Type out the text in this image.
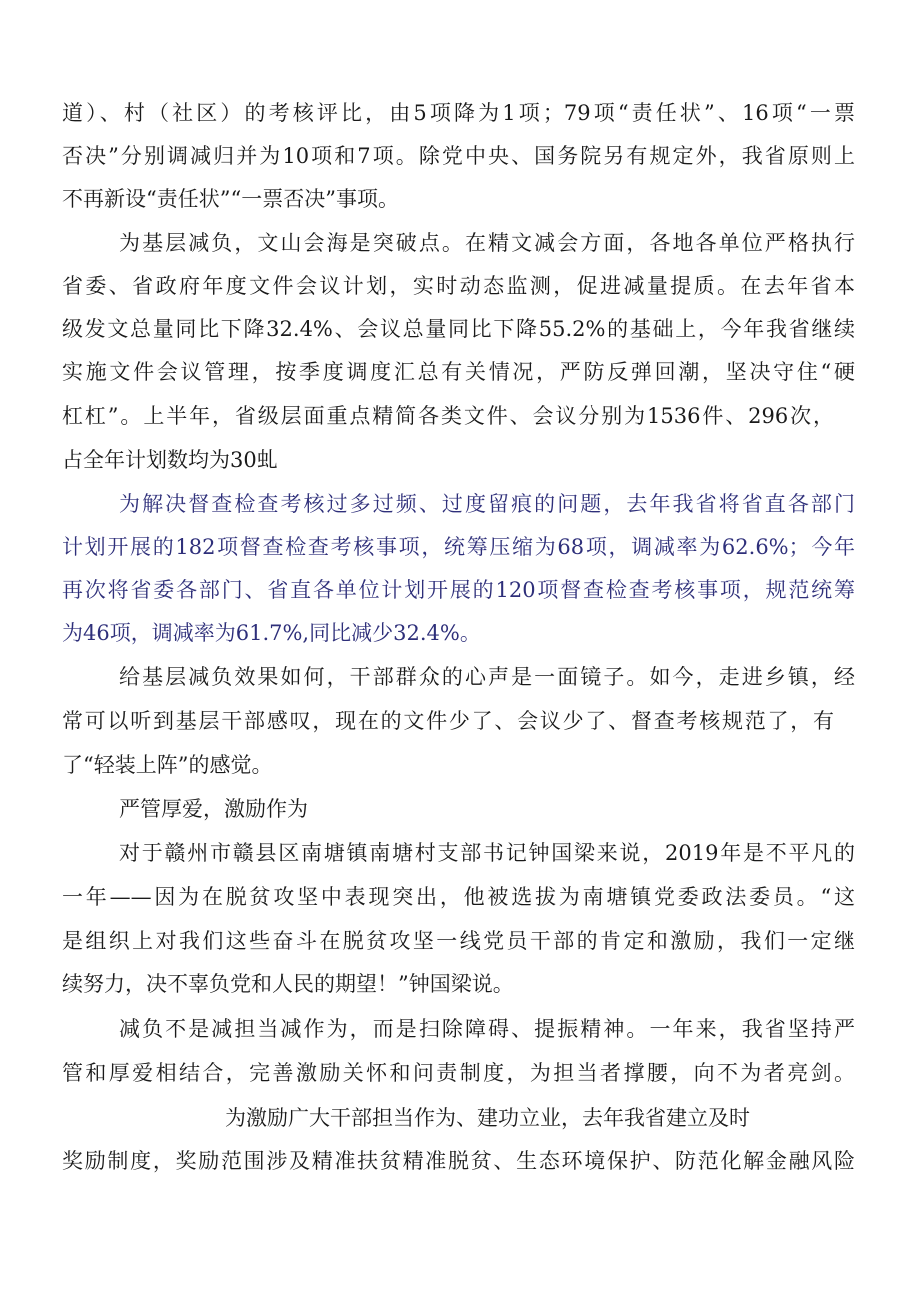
道）、村（社区）的考核评比，由5项降为1项；79项“责任状”、16项“一票
否决”分别调减归并为10项和7项。除党中央、国务院另有规定外，我省原则上
不再新设“责任状”“一票否决”事项。
为基层减负，文山会海是突破点。在精文减会方面，各地各单位严格执行
省委、省政府年度文件会议计划，实时动态监测，促进减量提质。在去年省本
级发文总量同比下降32.4%、会议总量同比下降55.2%的基础上，今年我省继续
实施文件会议管理，按季度调度汇总有关情况，严防反弹回潮，坚决守住“硬
杠杠”。上半年，省级层面重点精简各类文件、会议分别为1536件、296次，
占全年计划数均为30虬
为解决督查检查考核过多过频、过度留痕的问题，去年我省将省直各部门
计划开展的182项督查检查考核事项，统筹压缩为68项，调减率为62.6%；今年
再次将省委各部门、省直各单位计划开展的120项督查检查考核事项，规范统筹
为46项，调减率为61.7%,同比减少32.4%。
给基层减负效果如何，干部群众的心声是一面镜子。如今，走进乡镇，经
常可以听到基层干部感叹，现在的文件少了、会议少了、督查考核规范了，有
了“轻装上阵”的感觉。
严管厚爱，激励作为
对于赣州市赣县区南塘镇南塘村支部书记钟国梁来说，2019年是不平凡的
一年——因为在脱贫攻坚中表现突出，他被选拔为南塘镇党委政法委员。“这
是组织上对我们这些奋斗在脱贫攻坚一线党员干部的肯定和激励，我们一定继
续努力，决不辜负党和人民的期望！”钟国梁说。
减负不是减担当减作为，而是扫除障碍、提振精神。一年来，我省坚持严
管和厚爱相结合，完善激励关怀和问责制度，为担当者撑腰，向不为者亮剑。
为激励广大干部担当作为、建功立业，去年我省建立及时
奖励制度，奖励范围涉及精准扶贫精准脱贫、生态环境保护、防范化解金融风险
